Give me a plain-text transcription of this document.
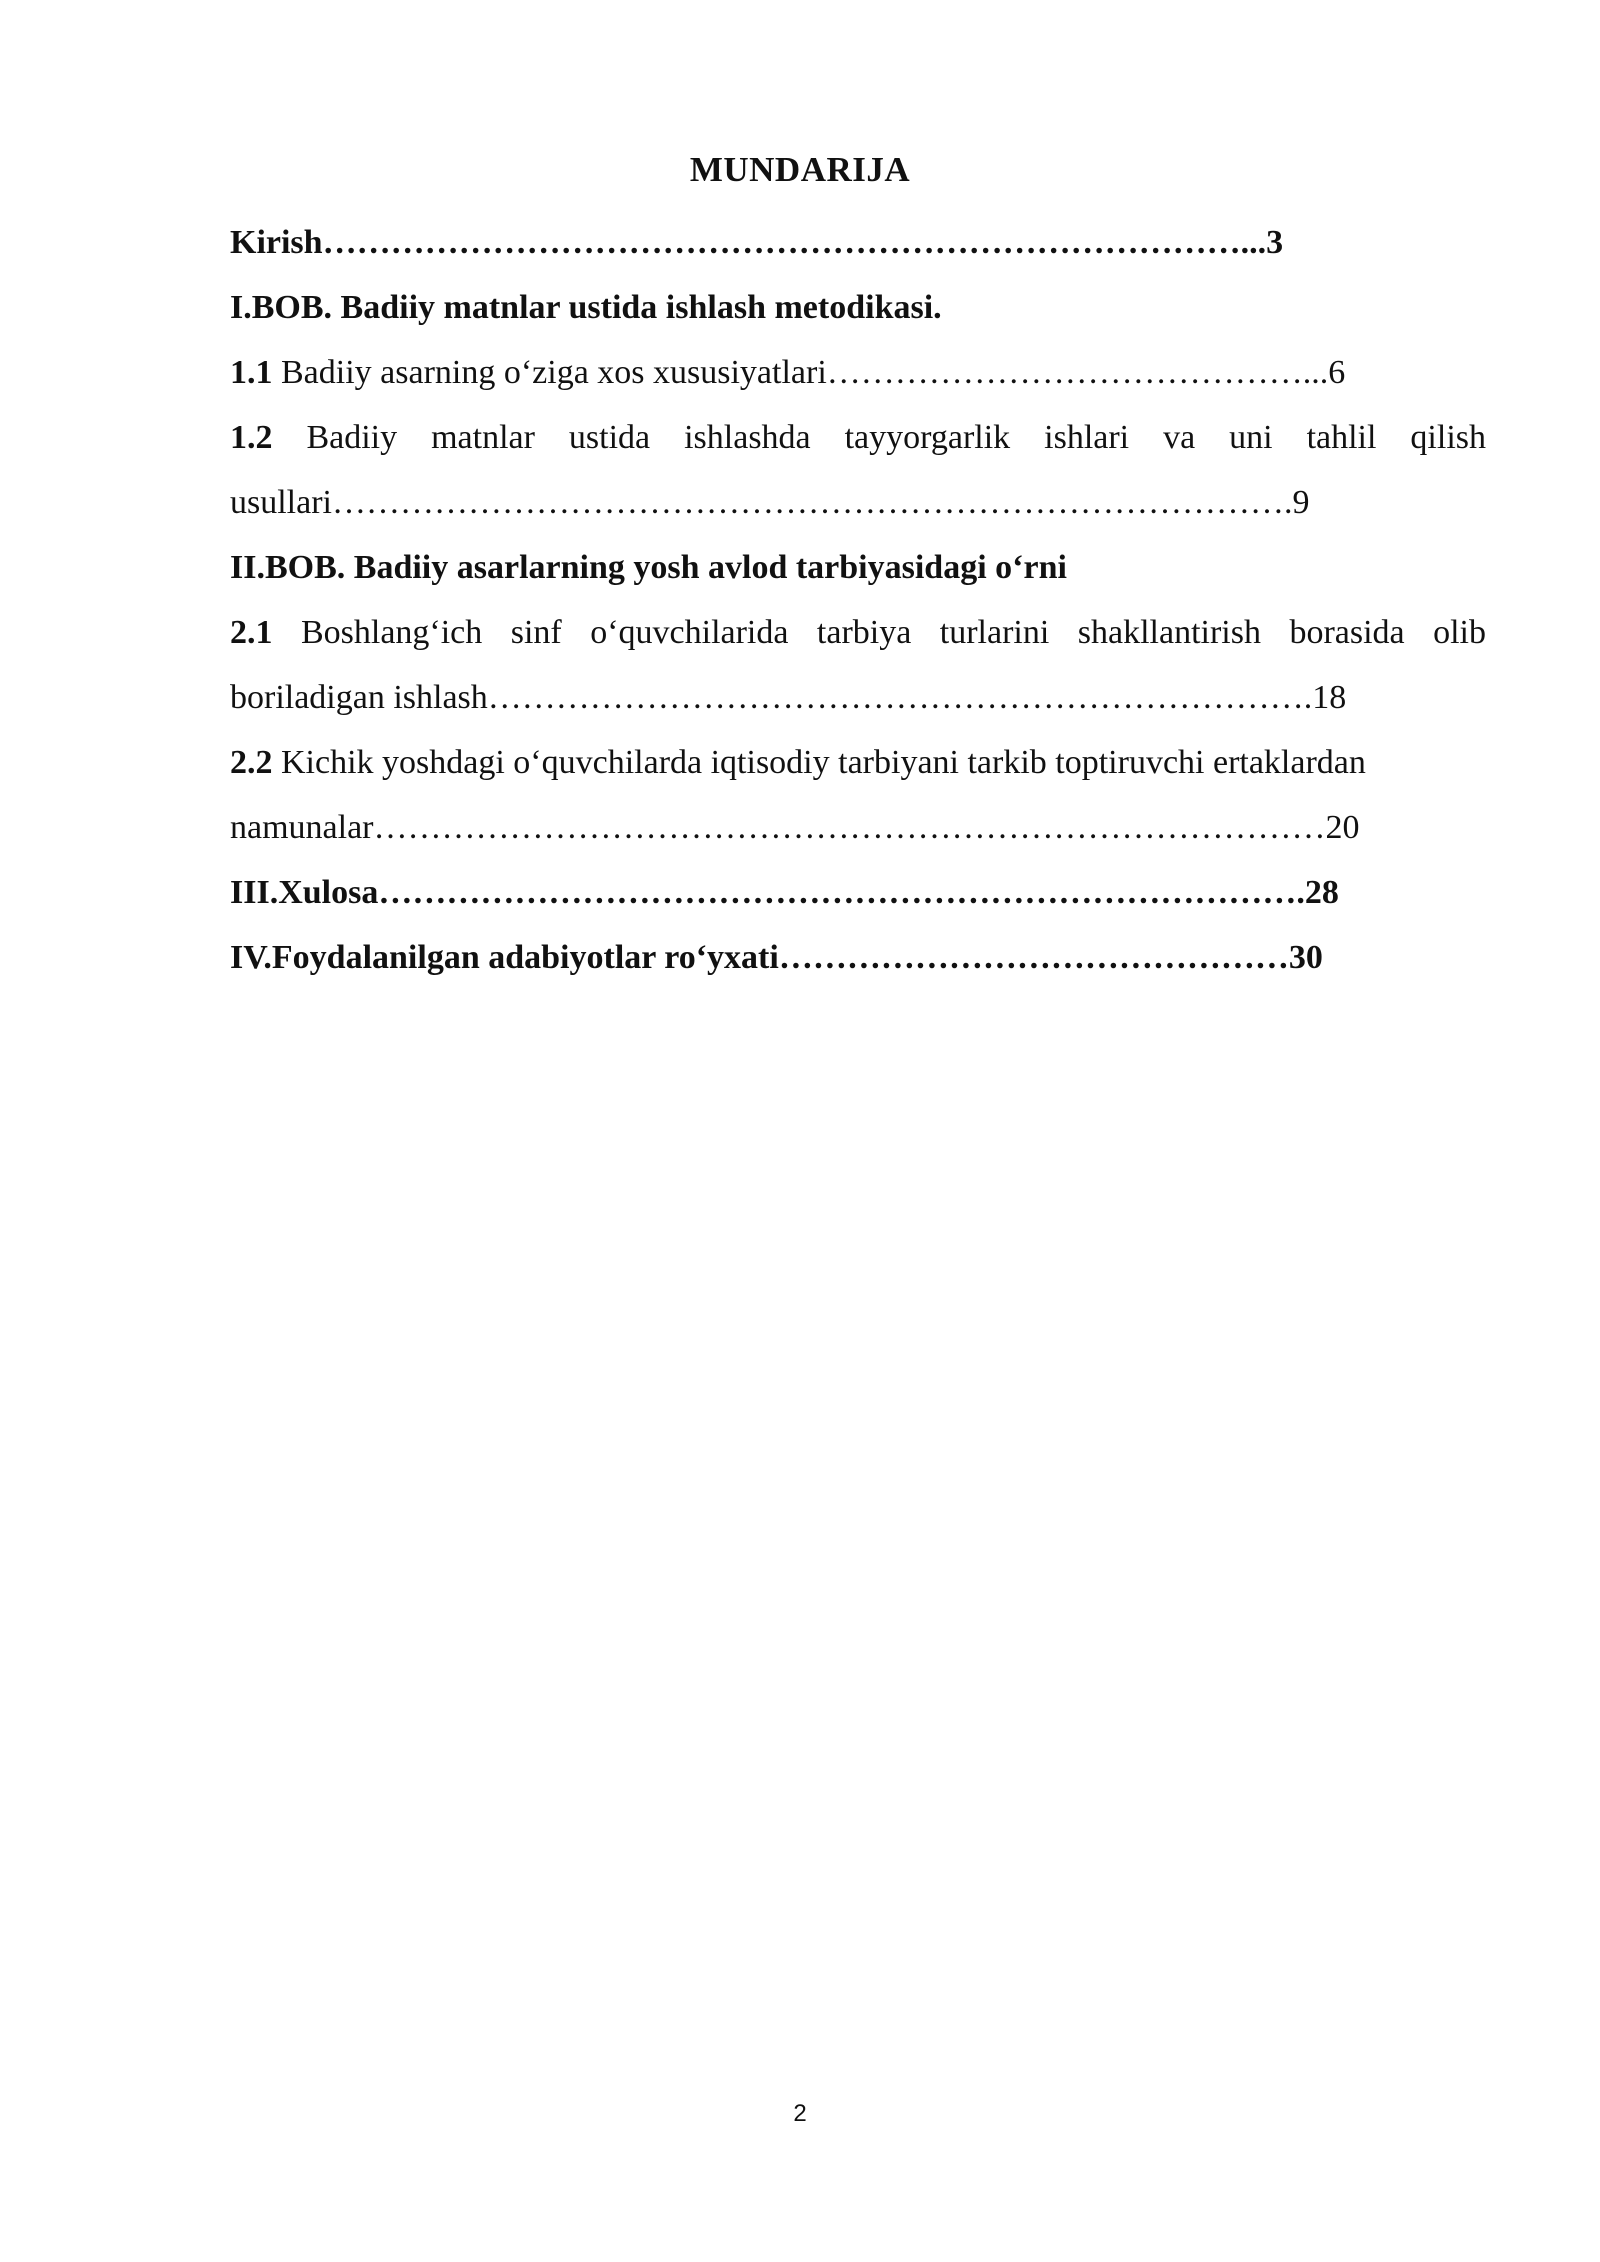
MUNDARIJA
Kirish………………………………………………………………………...3
I.BOB. Badiiy matnlar ustida ishlash metodikasi.
1.1 Badiiy asarning o‘ziga xos xususiyatlari……………………………………...6
1.2 Badiiy matnlar ustida ishlashda tayyorgarlik ishlari va uni tahlil qilish
usullari………………………………………………………………………….9
II.BOB. Badiiy asarlarning yosh avlod tarbiyasidagi o‘rni
2.1 Boshlang‘ich sinf o‘quvchilarida tarbiya turlarini shakllantirish borasida olib
boriladigan ishlash……………………………………………………………….18
2.2 Kichik yoshdagi o‘quvchilarda iqtisodiy tarbiyani tarkib toptiruvchi ertaklardan
namunalar…………………………………………………………………………20
III.Xulosa……………………………………………………………………….28
IV.Foydalanilgan adabiyotlar ro‘yxati………………………………………30
2
